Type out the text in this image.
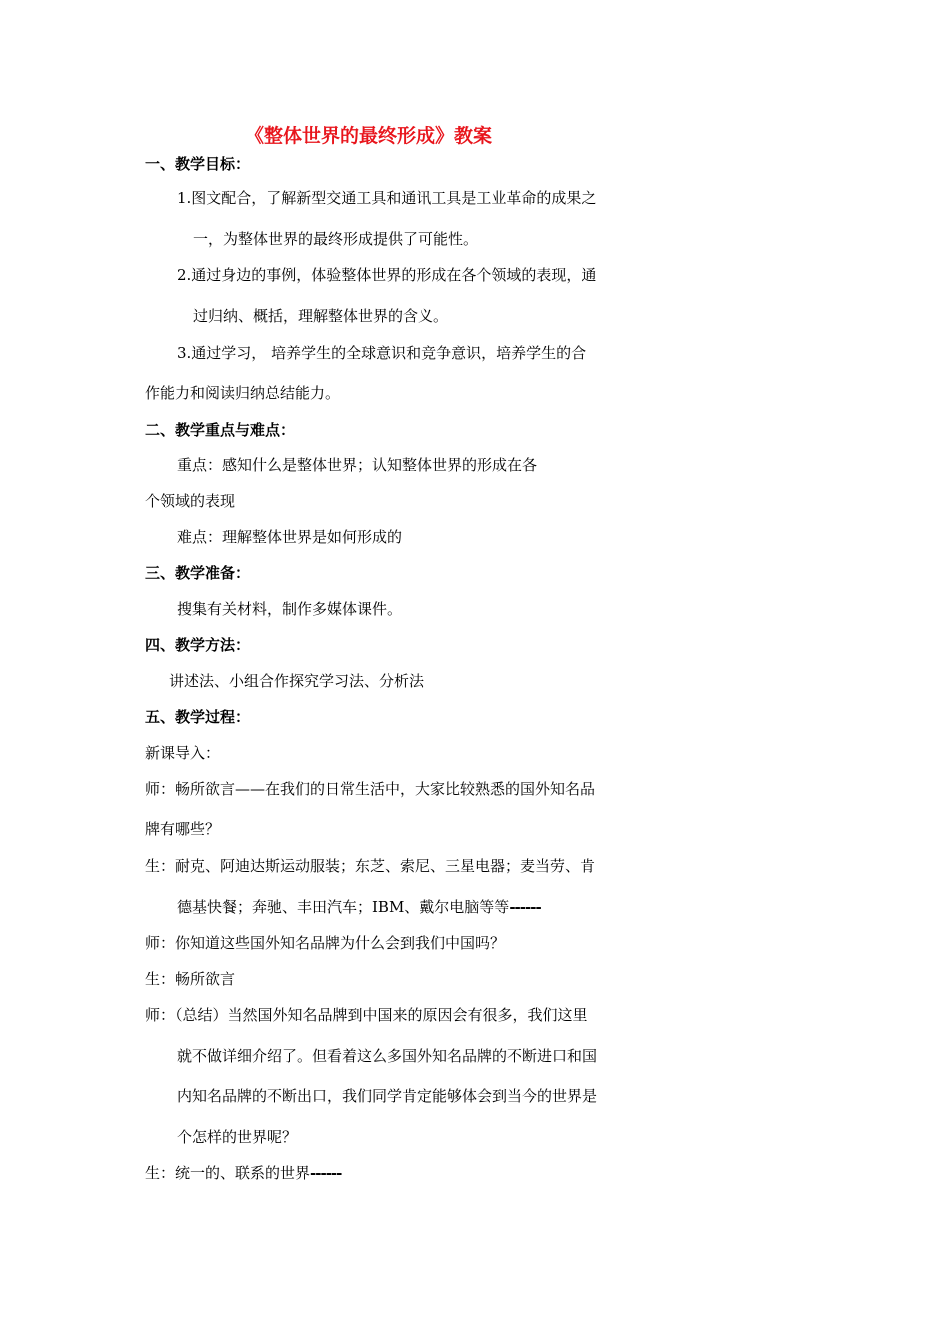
《整体世界的最终形成》教案
一、教学目标：
1.图文配合，了解新型交通工具和通讯工具是工业革命的成果之
一，为整体世界的最终形成提供了可能性。
2.通过身边的事例，体验整体世界的形成在各个领域的表现，通
过归纳、概括，理解整体世界的含义。
3.通过学习， 培养学生的全球意识和竞争意识，培养学生的合
作能力和阅读归纳总结能力。
二、教学重点与难点：
重点：感知什么是整体世界；认知整体世界的形成在各
个领域的表现
难点：理解整体世界是如何形成的
三、教学准备：
搜集有关材料，制作多媒体课件。
四、教学方法：
讲述法、小组合作探究学习法、分析法
五、教学过程：
新课导入：
师：畅所欲言——在我们的日常生活中，大家比较熟悉的国外知名品
牌有哪些？
生：耐克、阿迪达斯运动服装；东芝、索尼、三星电器；麦当劳、肯
德基快餐；奔驰、丰田汽车；IBM、戴尔电脑等等------
师：你知道这些国外知名品牌为什么会到我们中国吗？
生：畅所欲言
师：（总结）当然国外知名品牌到中国来的原因会有很多，我们这里
就不做详细介绍了。但看着这么多国外知名品牌的不断进口和国
内知名品牌的不断出口，我们同学肯定能够体会到当今的世界是
个怎样的世界呢？
生：统一的、联系的世界------
